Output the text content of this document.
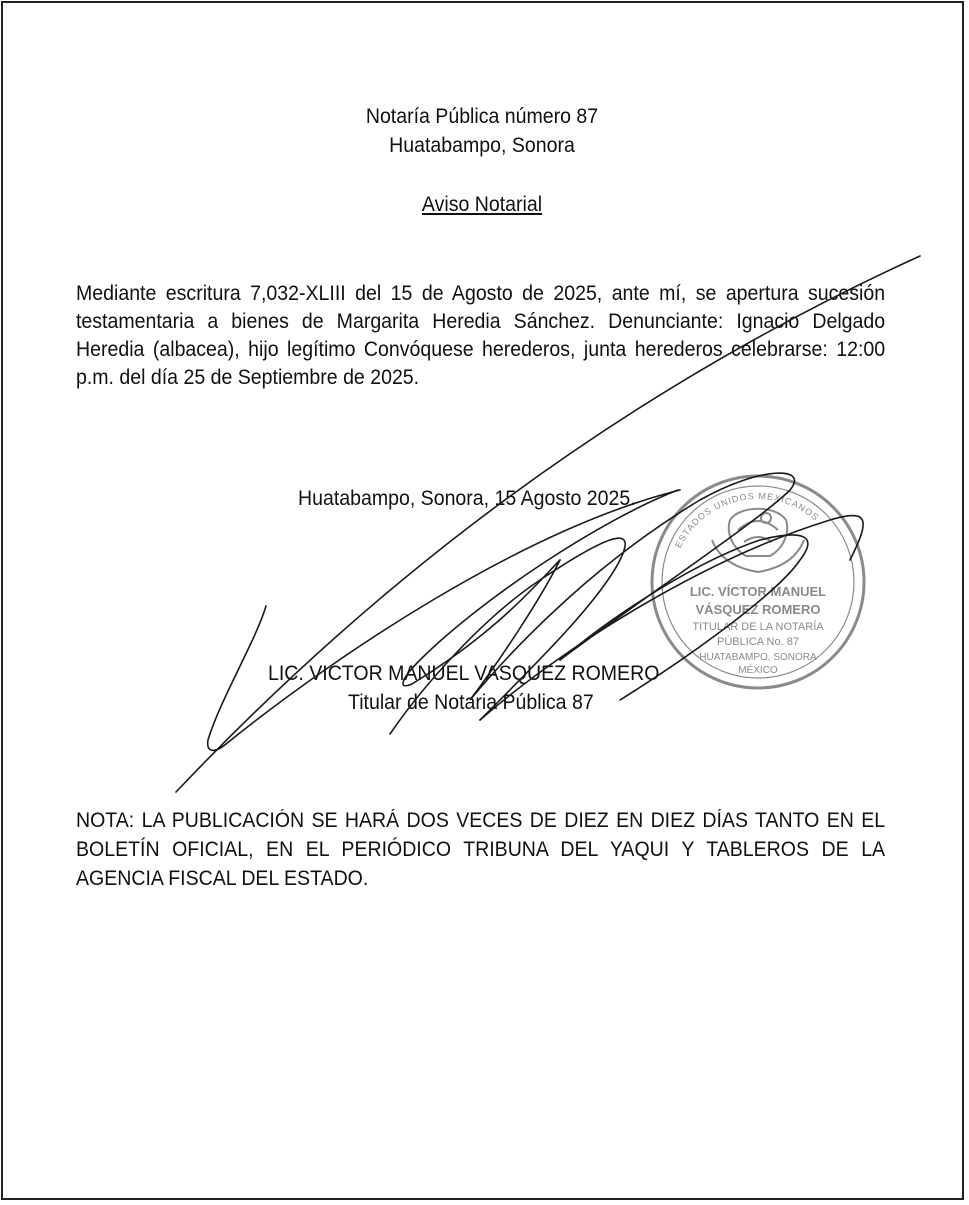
Notaría Pública número 87
Huatabampo, Sonora
Aviso Notarial
Mediante escritura 7,032-XLIII del 15 de Agosto de 2025, ante mí, se apertura sucesión testamentaria a bienes de Margarita Heredia Sánchez. Denunciante: Ignacio Delgado Heredia (albacea), hijo legítimo Convóquese herederos, junta herederos celebrarse: 12:00 p.m. del día 25 de Septiembre de 2025.
Huatabampo, Sonora, 15 Agosto 2025.
LIC. VICTOR MANUEL VASQUEZ ROMERO
Titular de Notaria Pública 87
NOTA: LA PUBLICACIÓN SE HARÁ DOS VECES DE DIEZ EN DIEZ DÍAS TANTO EN EL BOLETÍN OFICIAL, EN EL PERIÓDICO TRIBUNA DEL YAQUI Y TABLEROS DE LA AGENCIA FISCAL DEL ESTADO.
ESTADOS UNIDOS MEXICANOS
LIC. VÍCTOR MANUEL
VÁSQUEZ ROMERO
TITULAR DE LA NOTARÍA
PÚBLICA No. 87
HUATABAMPO, SONORA
MÉXICO
